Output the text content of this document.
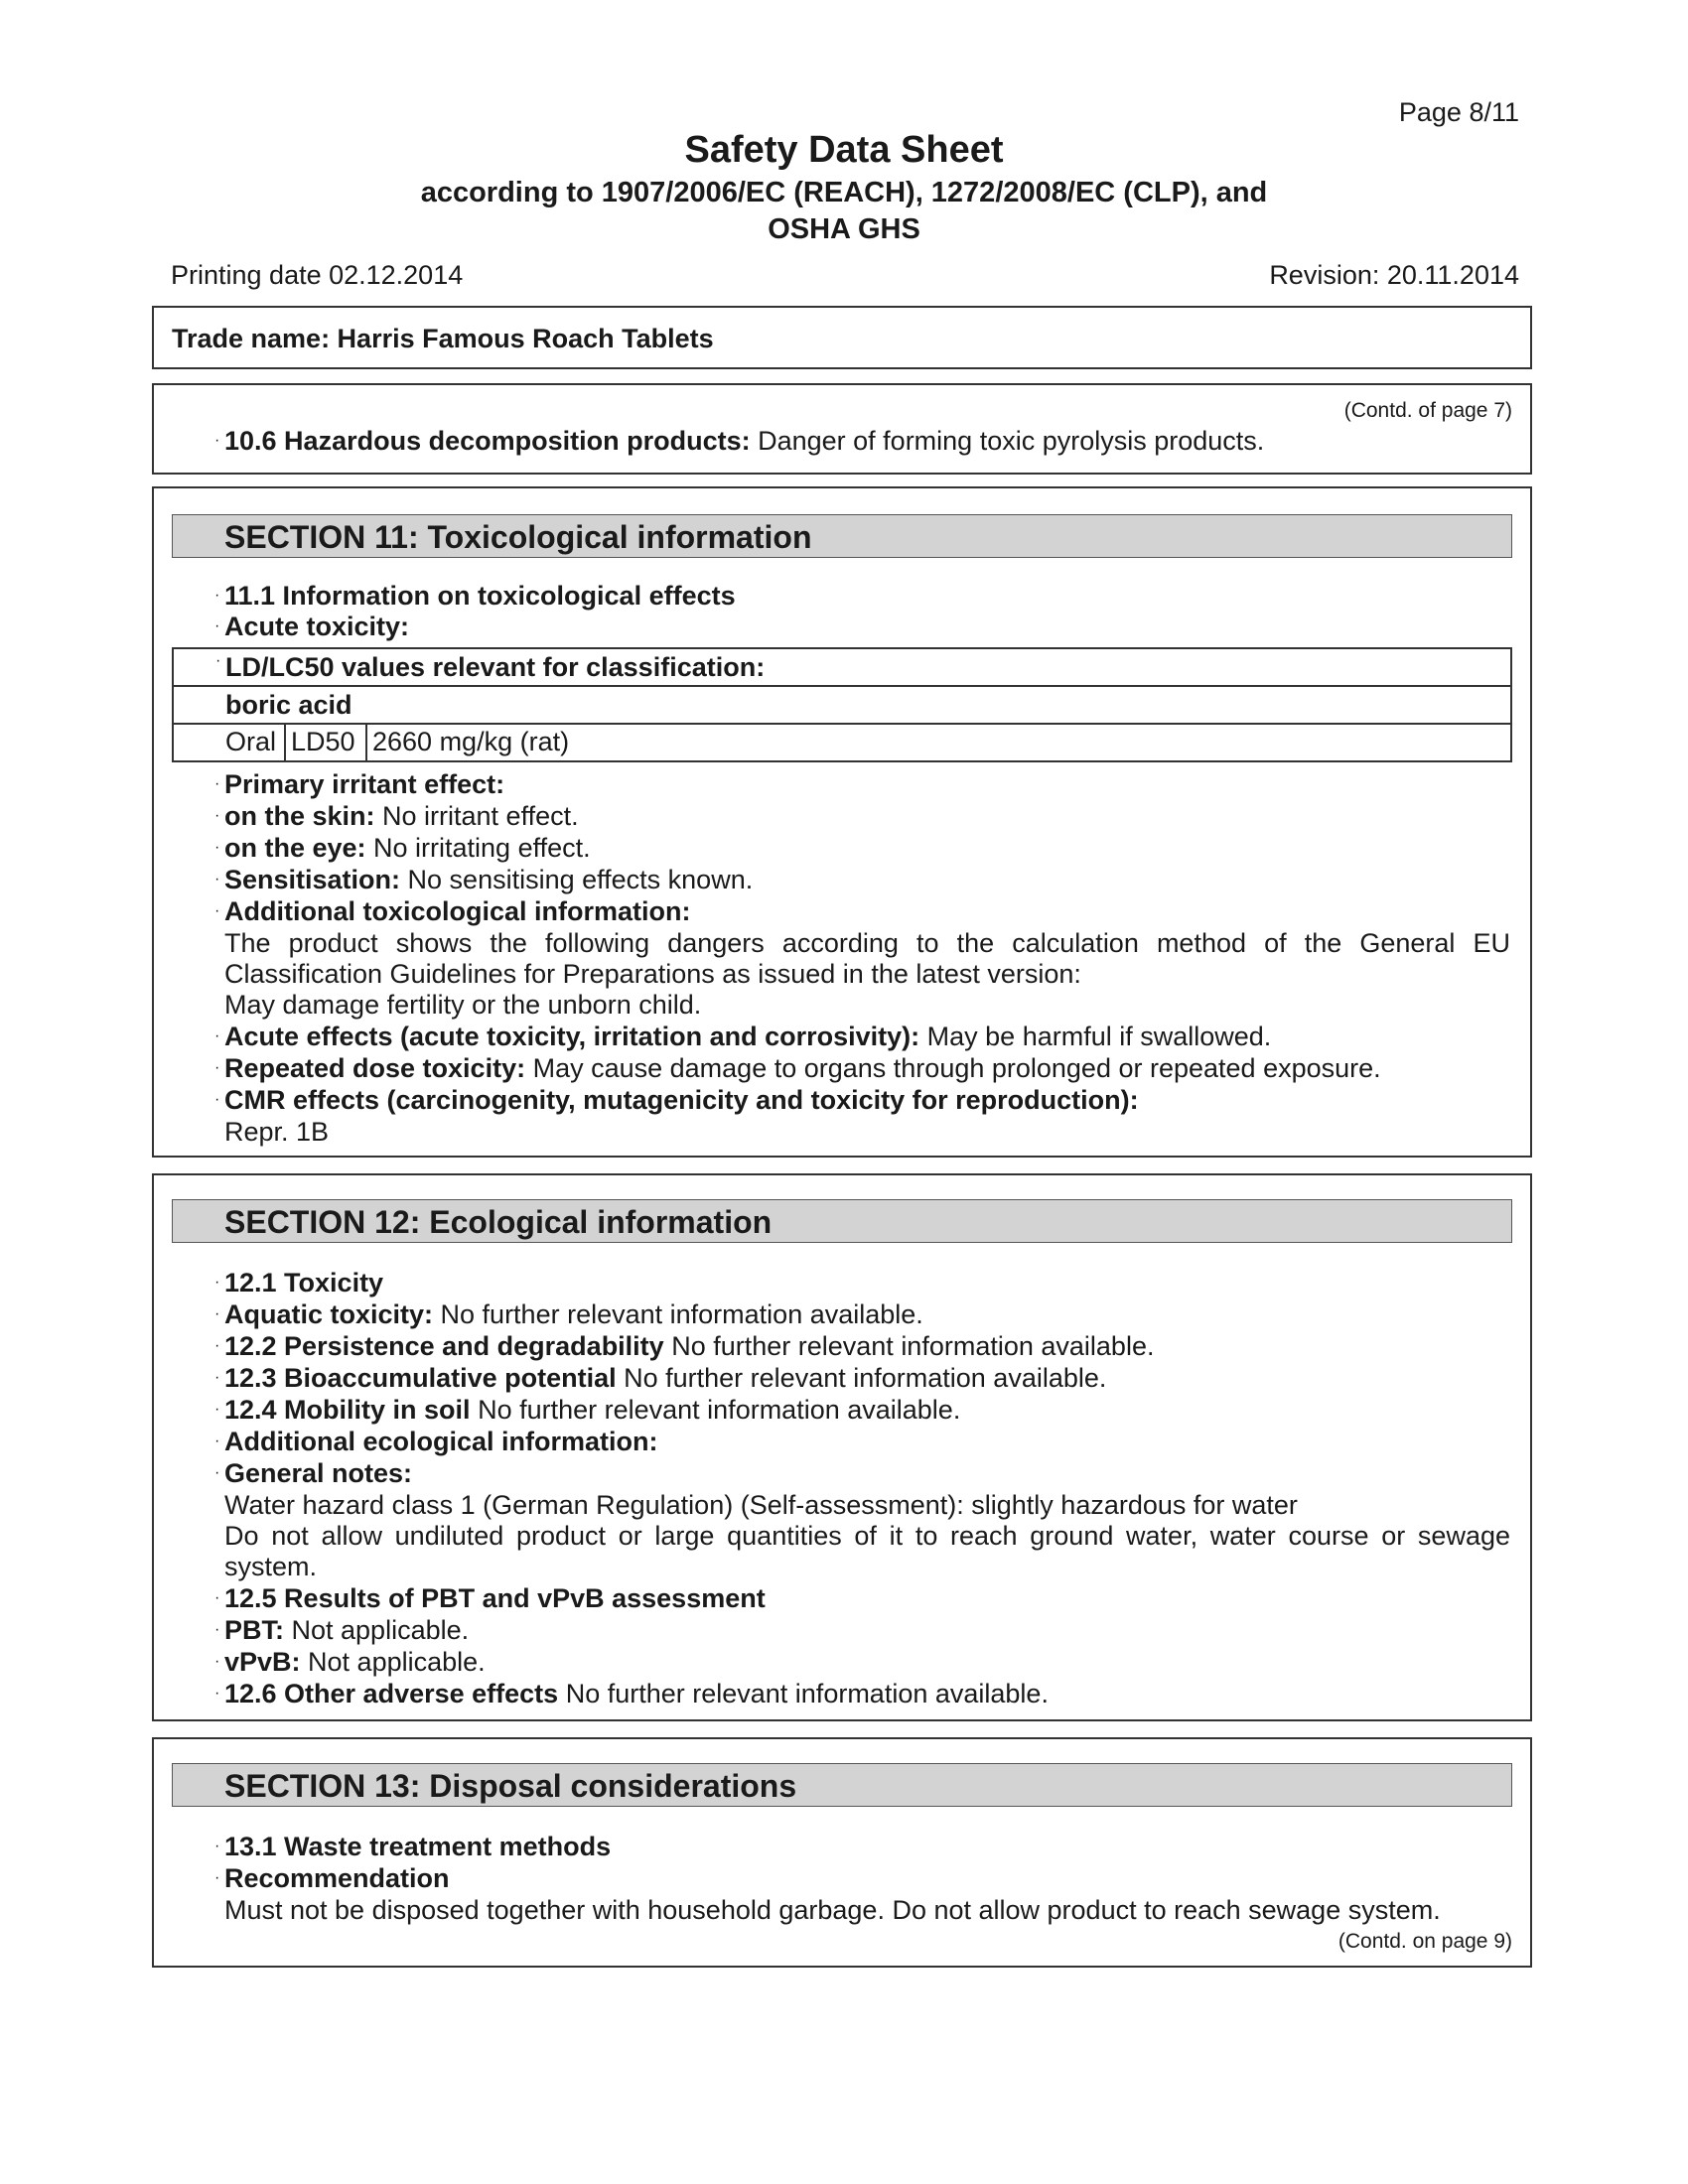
Page 8/11
Safety Data Sheet
according to 1907/2006/EC (REACH), 1272/2008/EC (CLP), and
OSHA GHS
Printing date 02.12.2014	Revision: 20.11.2014
Trade name: Harris Famous Roach Tablets
(Contd. of page 7)
· 10.6 Hazardous decomposition products: Danger of forming toxic pyrolysis products.
SECTION 11: Toxicological information
· 11.1 Information on toxicological effects
· Acute toxicity:
· LD/LC50 values relevant for classification:
boric acid
Oral LD50 2660 mg/kg (rat)
· Primary irritant effect:
· on the skin: No irritant effect.
· on the eye: No irritating effect.
· Sensitisation: No sensitising effects known.
· Additional toxicological information:
The product shows the following dangers according to the calculation method of the General EU
Classification Guidelines for Preparations as issued in the latest version:
May damage fertility or the unborn child.
· Acute effects (acute toxicity, irritation and corrosivity): May be harmful if swallowed.
· Repeated dose toxicity: May cause damage to organs through prolonged or repeated exposure.
· CMR effects (carcinogenity, mutagenicity and toxicity for reproduction):
Repr. 1B
SECTION 12: Ecological information
· 12.1 Toxicity
· Aquatic toxicity: No further relevant information available.
· 12.2 Persistence and degradability No further relevant information available.
· 12.3 Bioaccumulative potential No further relevant information available.
· 12.4 Mobility in soil No further relevant information available.
· Additional ecological information:
· General notes:
Water hazard class 1 (German Regulation) (Self-assessment): slightly hazardous for water
Do not allow undiluted product or large quantities of it to reach ground water, water course or sewage
system.
· 12.5 Results of PBT and vPvB assessment
· PBT: Not applicable.
· vPvB: Not applicable.
· 12.6 Other adverse effects No further relevant information available.
SECTION 13: Disposal considerations
· 13.1 Waste treatment methods
· Recommendation
Must not be disposed together with household garbage. Do not allow product to reach sewage system.
(Contd. on page 9)
